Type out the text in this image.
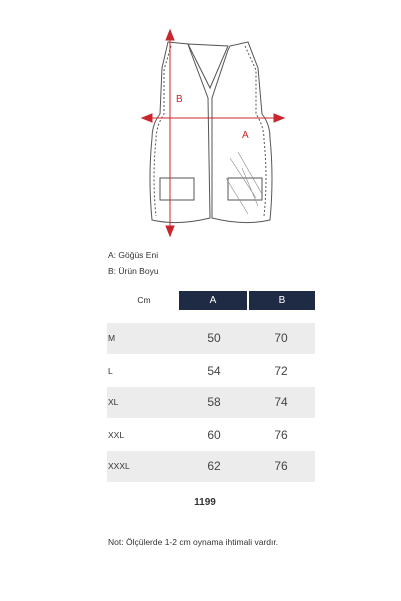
B
A
A: Göğüs Eni
B: Ürün Boyu
Cm	A	B
M	50	70
L	54	72
XL	58	74
XXL	60	76
XXXL	62	76
1199
Not: Ölçülerde 1-2 cm oynama ihtimali vardır.
